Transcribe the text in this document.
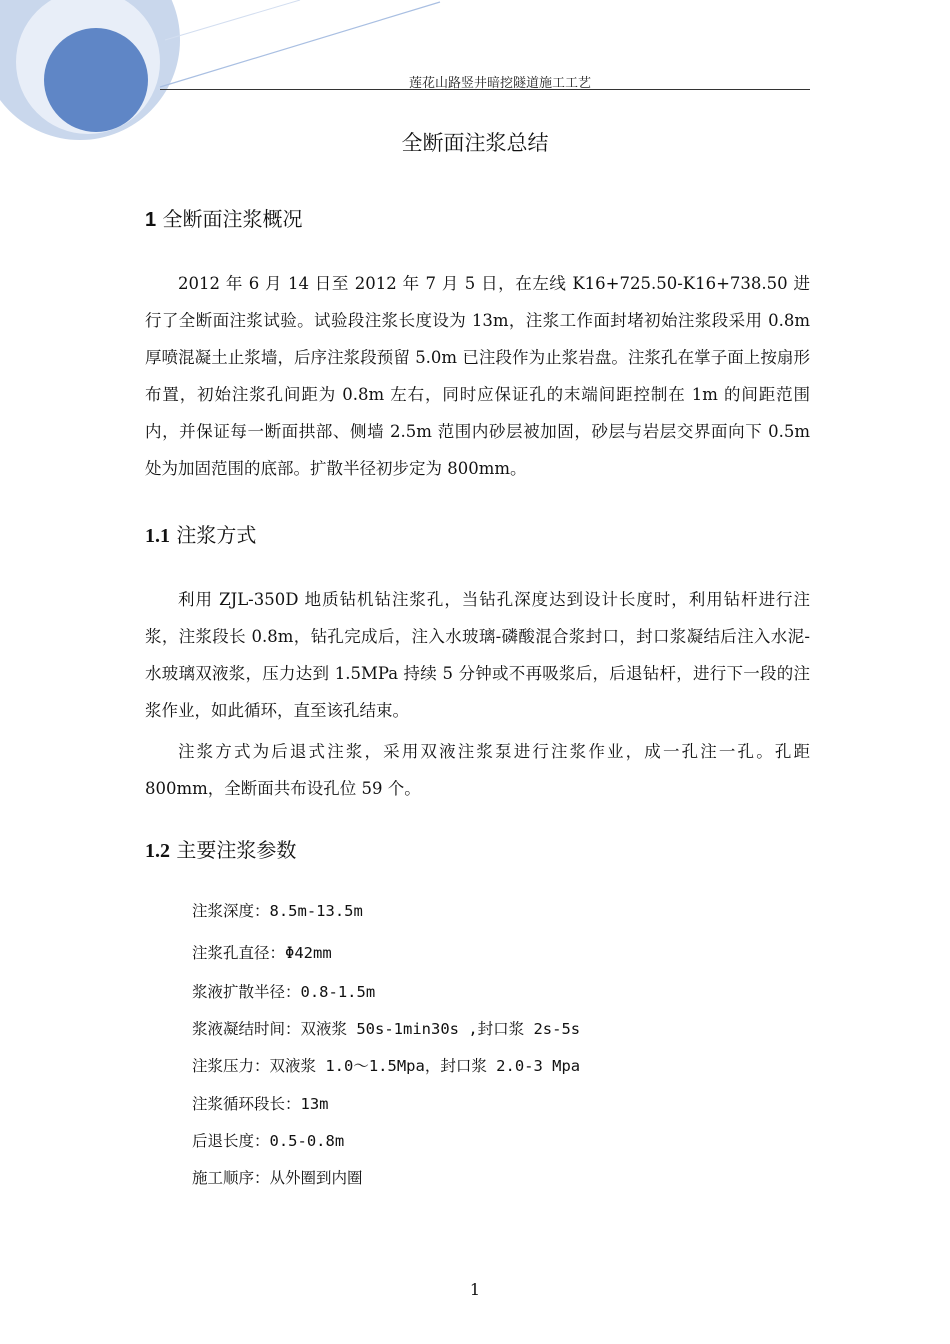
莲花山路竖井暗挖隧道施工工艺
全断面注浆总结
1 全断面注浆概况
2012 年 6 月 14 日至 2012 年 7 月 5 日，在左线 K16+725.50-K16+738.50 进行了全断面注浆试验。试验段注浆长度设为 13m，注浆工作面封堵初始注浆段采用 0.8m 厚喷混凝土止浆墙，后序注浆段预留 5.0m 已注段作为止浆岩盘。注浆孔在掌子面上按扇形布置，初始注浆孔间距为 0.8m 左右，同时应保证孔的末端间距控制在 1m 的间距范围内，并保证每一断面拱部、侧墙 2.5m 范围内砂层被加固，砂层与岩层交界面向下 0.5m 处为加固范围的底部。扩散半径初步定为 800mm。
1.1 注浆方式
利用 ZJL-350D 地质钻机钻注浆孔，当钻孔深度达到设计长度时，利用钻杆进行注浆，注浆段长 0.8m，钻孔完成后，注入水玻璃-磷酸混合浆封口，封口浆凝结后注入水泥-水玻璃双液浆，压力达到 1.5MPa 持续 5 分钟或不再吸浆后，后退钻杆，进行下一段的注浆作业，如此循环，直至该孔结束。
注浆方式为后退式注浆，采用双液注浆泵进行注浆作业，成一孔注一孔。孔距 800mm，全断面共布设孔位 59 个。
1.2 主要注浆参数
注浆深度：8.5m-13.5m
注浆孔直径：Φ42mm
浆液扩散半径：0.8-1.5m
浆液凝结时间：双液浆 50s-1min30s ,封口浆 2s-5s
注浆压力：双液浆 1.0～1.5Mpa，封口浆 2.0-3 Mpa
注浆循环段长：13m
后退长度：0.5-0.8m
施工顺序：从外圈到内圈
1
